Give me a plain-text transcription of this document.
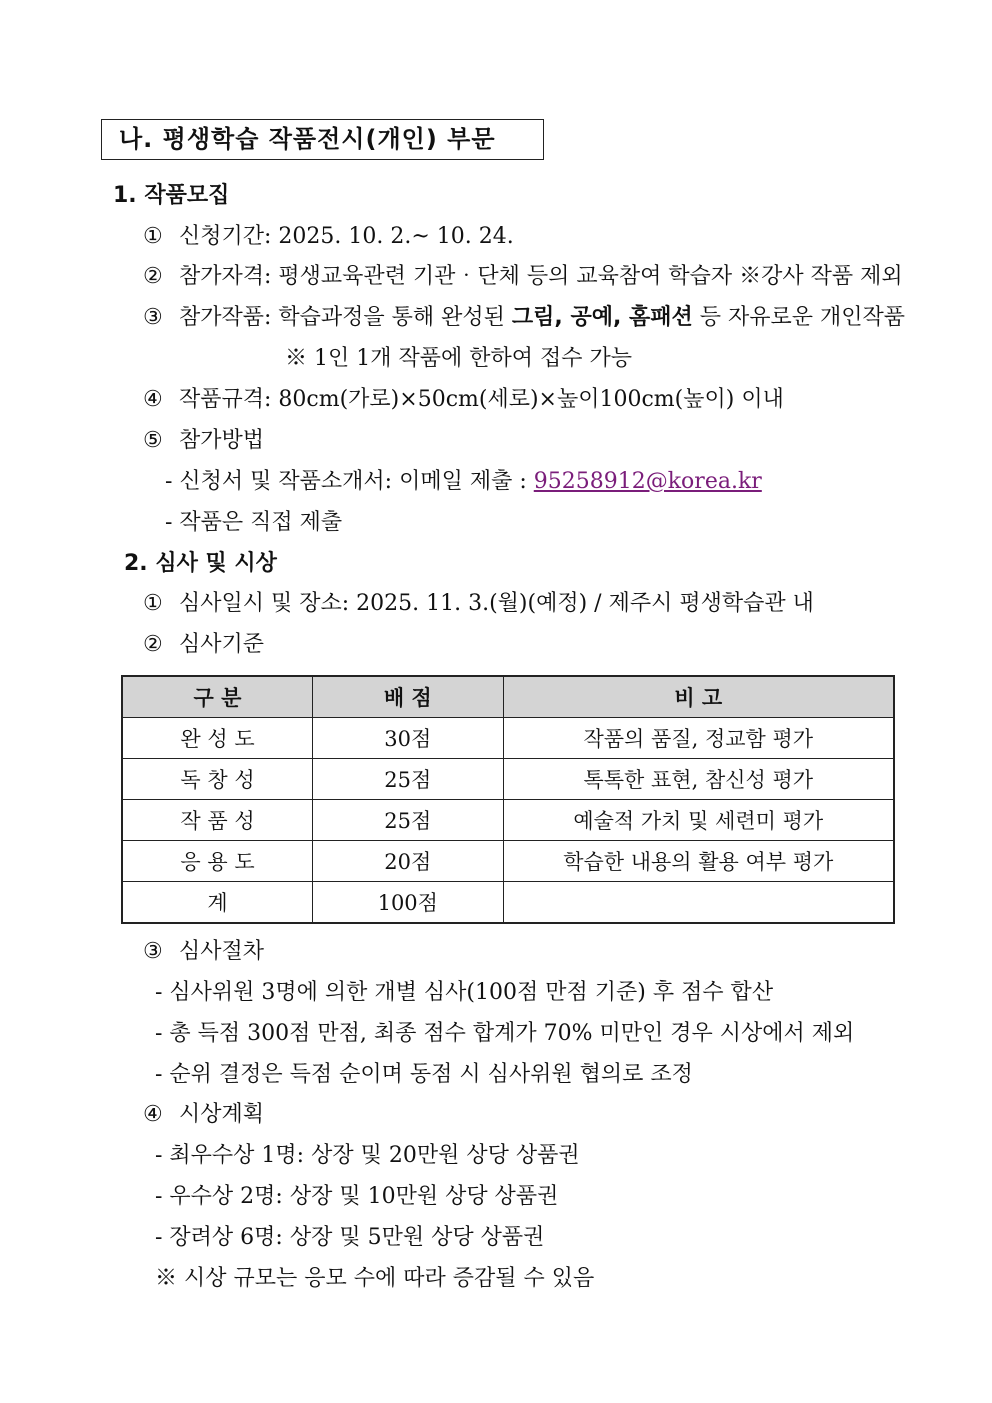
나. 평생학습 작품전시(개인) 부문
1. 작품모집
① 신청기간: 2025. 10. 2.~ 10. 24.
② 참가자격: 평생교육관련 기관‧단체 등의 교육참여 학습자 ※강사 작품 제외
③ 참가작품: 학습과정을 통해 완성된 그림, 공예, 홈패션 등 자유로운 개인작품
※ 1인 1개 작품에 한하여 접수 가능
④ 작품규격: 80cm(가로)×50cm(세로)×높이100cm(높이) 이내
⑤ 참가방법
- 신청서 및 작품소개서: 이메일 제출 : 95258912@korea.kr
- 작품은 직접 제출
2. 심사 및 시상
① 심사일시 및 장소: 2025. 11. 3.(월)(예정) / 제주시 평생학습관 내
② 심사기준
구 분	배 점	비 고
완 성 도	30점	작품의 품질, 정교함 평가
독 창 성	25점	톡톡한 표현, 참신성 평가
작 품 성	25점	예술적 가치 및 세련미 평가
응 용 도	20점	학습한 내용의 활용 여부 평가
계	100점	
③ 심사절차
- 심사위원 3명에 의한 개별 심사(100점 만점 기준) 후 점수 합산
- 총 득점 300점 만점, 최종 점수 합계가 70% 미만인 경우 시상에서 제외
- 순위 결정은 득점 순이며 동점 시 심사위원 협의로 조정
④ 시상계획
- 최우수상 1명: 상장 및 20만원 상당 상품권
- 우수상 2명: 상장 및 10만원 상당 상품권
- 장려상 6명: 상장 및 5만원 상당 상품권
※ 시상 규모는 응모 수에 따라 증감될 수 있음
